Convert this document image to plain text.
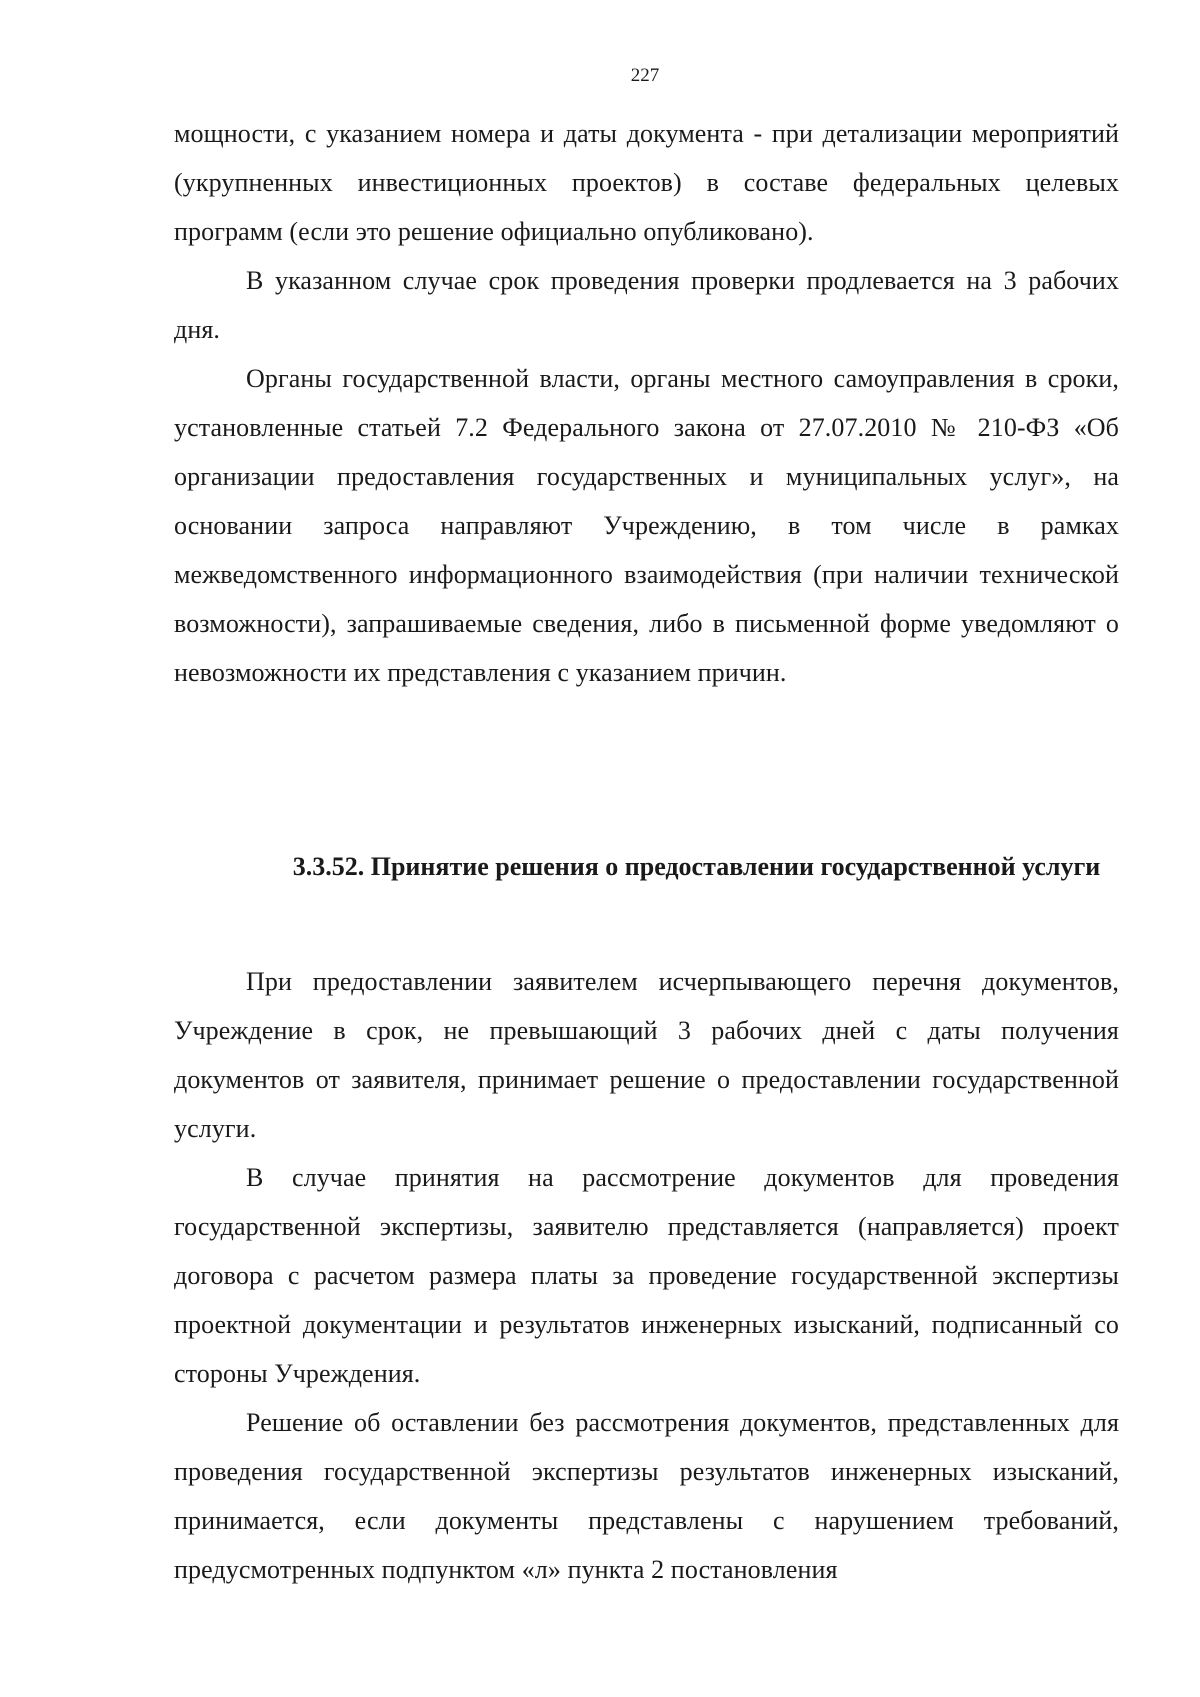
227

мощности, с указанием номера и даты документа - при детализации мероприятий (укрупненных инвестиционных проектов) в составе федеральных целевых программ (если это решение официально опубликовано).

В указанном случае срок проведения проверки продлевается на 3 рабочих дня.

Органы государственной власти, органы местного самоуправления в сроки, установленные статьей 7.2 Федерального закона от 27.07.2010 № 210-ФЗ «Об организации предоставления государственных и муниципальных услуг», на основании запроса направляют Учреждению, в том числе в рамках межведомственного информационного взаимодействия (при наличии технической возможности), запрашиваемые сведения, либо в письменной форме уведомляют о невозможности их представления с указанием причин.

3.3.52. Принятие решения о предоставлении государственной услуги

При предоставлении заявителем исчерпывающего перечня документов, Учреждение в срок, не превышающий 3 рабочих дней с даты получения документов от заявителя, принимает решение о предоставлении государственной услуги.

В случае принятия на рассмотрение документов для проведения государственной экспертизы, заявителю представляется (направляется) проект договора с расчетом размера платы за проведение государственной экспертизы проектной документации и результатов инженерных изысканий, подписанный со стороны Учреждения.

Решение об оставлении без рассмотрения документов, представленных для проведения государственной экспертизы результатов инженерных изысканий, принимается, если документы представлены с нарушением требований, предусмотренных подпунктом «л» пункта 2 постановления
